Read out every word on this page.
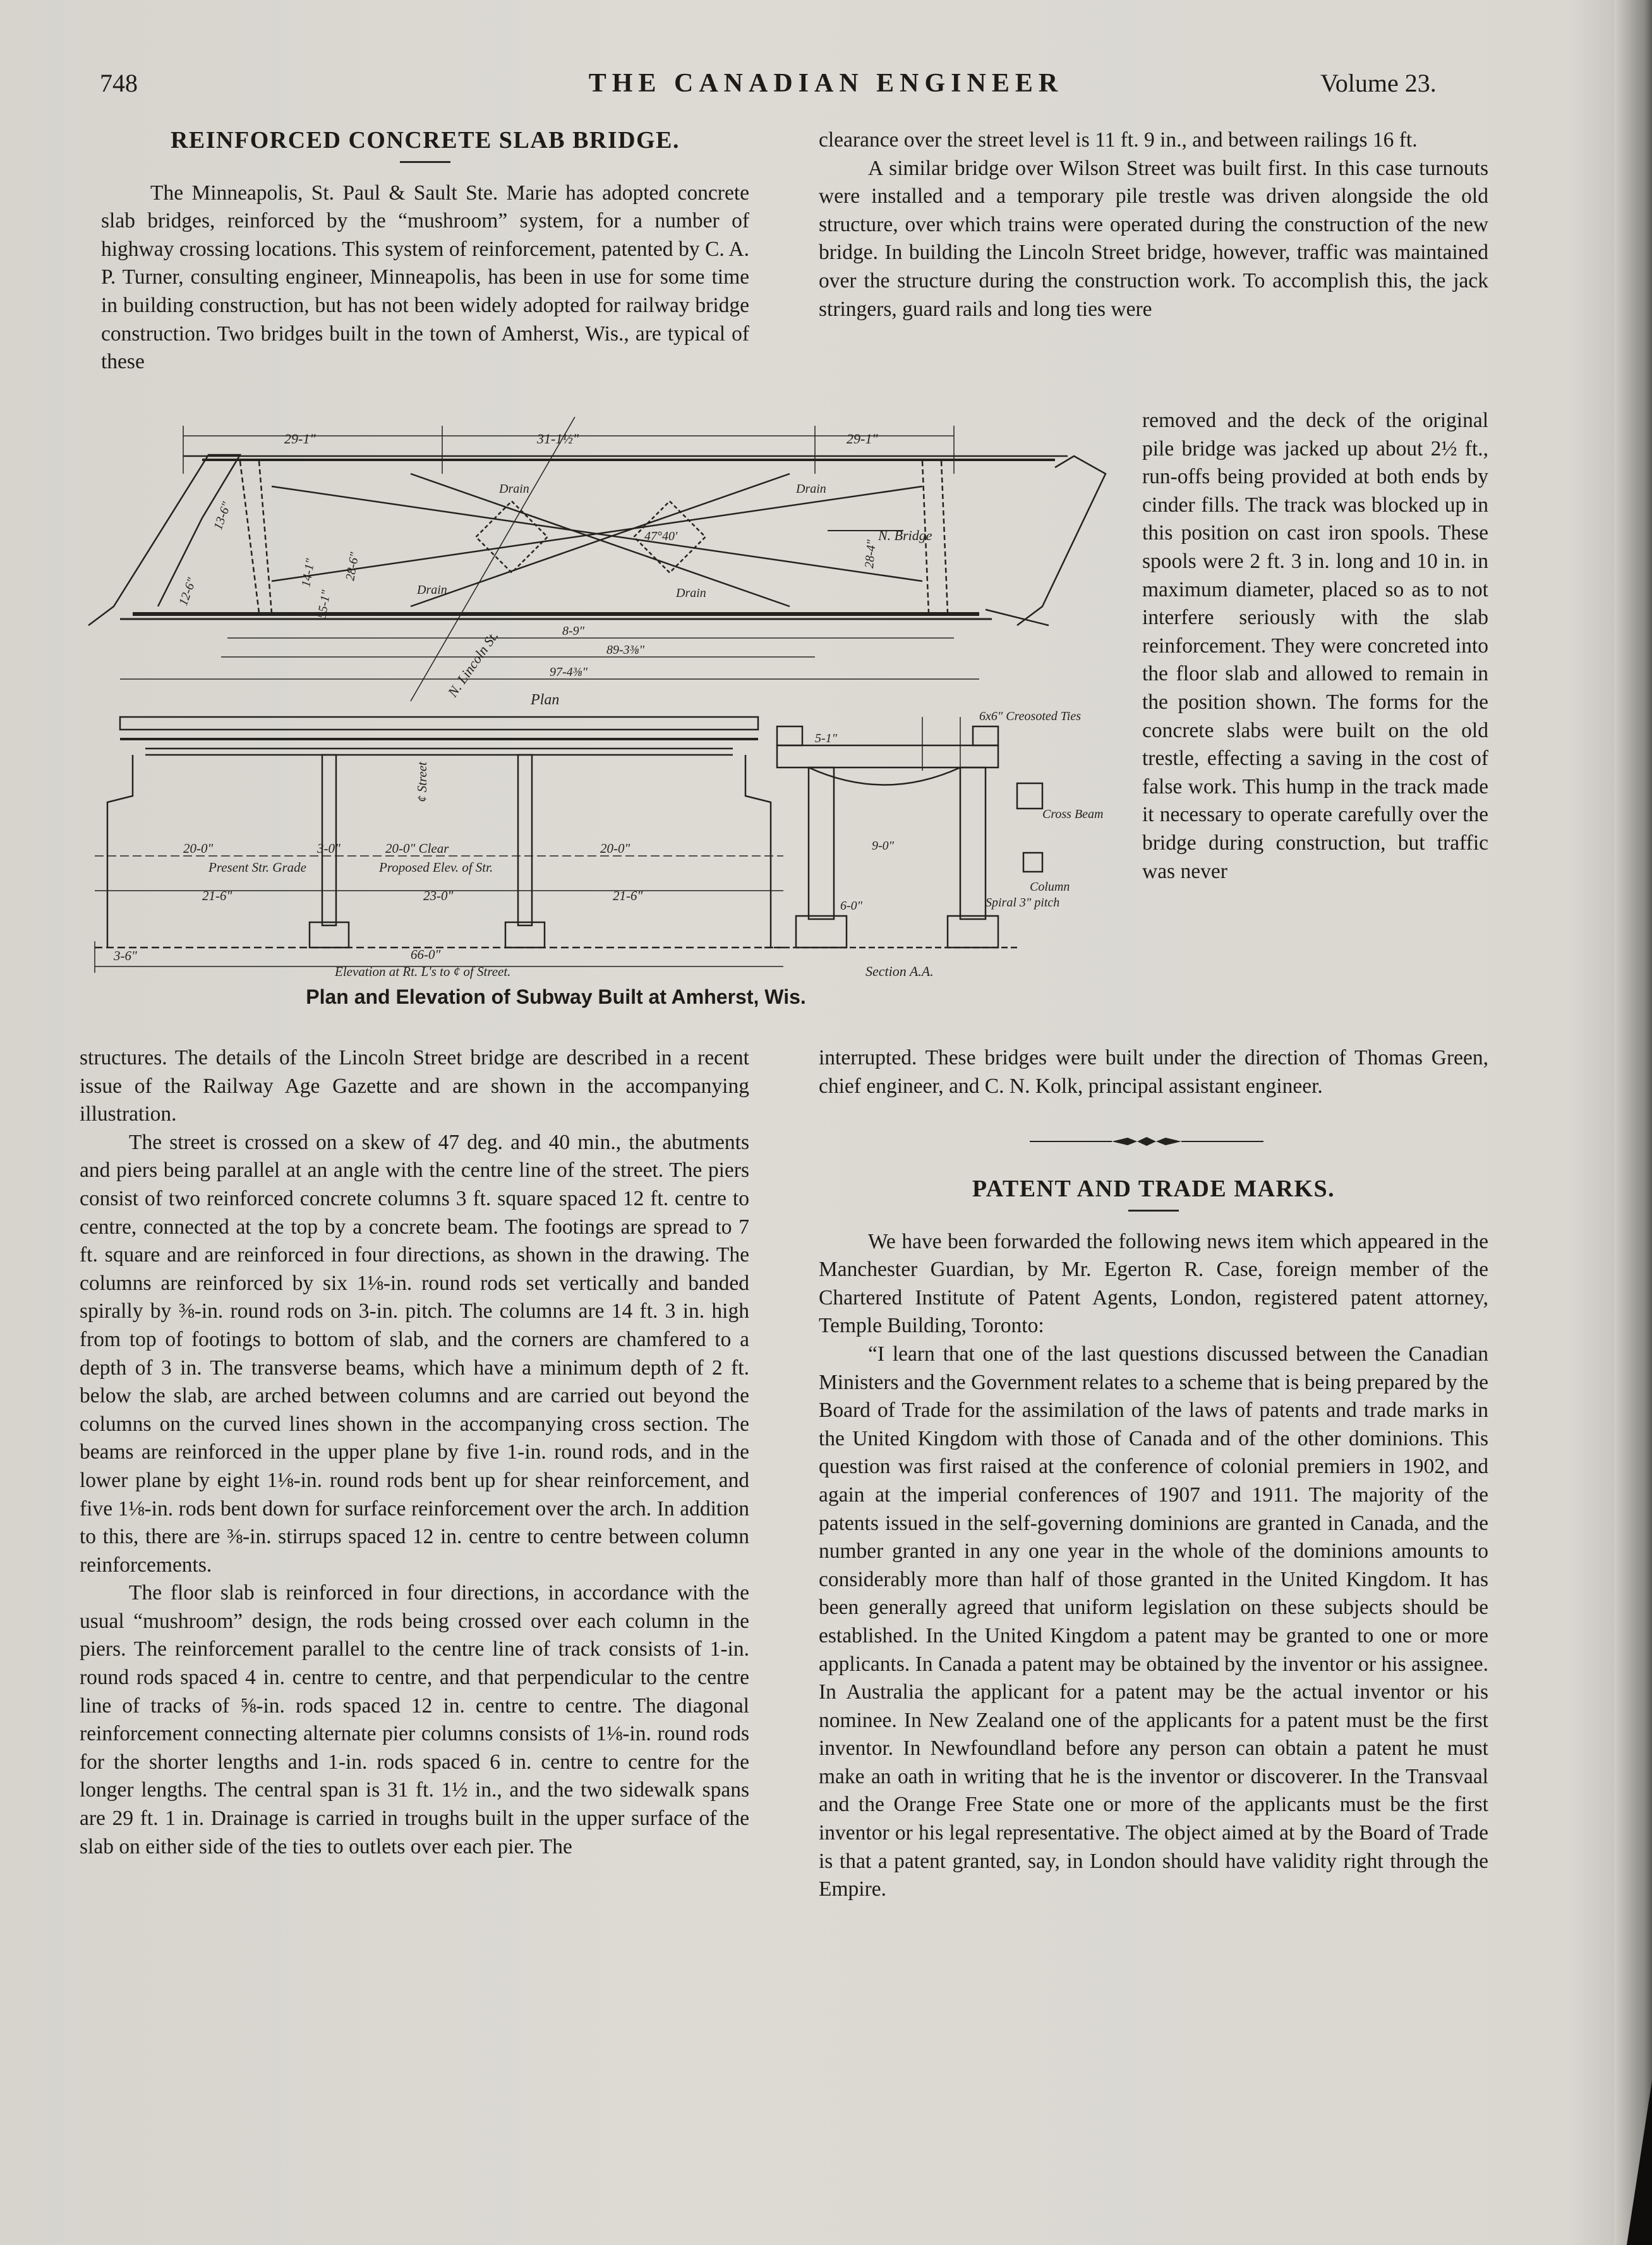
748	THE CANADIAN ENGINEER	Volume 23.
REINFORCED CONCRETE SLAB BRIDGE.

The Minneapolis, St. Paul & Sault Ste. Marie has adopted concrete slab bridges, reinforced by the “mushroom” system, for a number of highway crossing locations. This system of reinforcement, patented by C. A. P. Turner, consulting engineer, Minneapolis, has been in use for some time in building construction, but has not been widely adopted for railway bridge construction. Two bridges built in the town of Amherst, Wis., are typical of these

clearance over the street level is 11 ft. 9 in., and between railings 16 ft.

A similar bridge over Wilson Street was built first. In this case turnouts were installed and a temporary pile trestle was driven alongside the old structure, over which trains were operated during the construction of the new bridge. In building the Lincoln Street bridge, however, traffic was maintained over the structure during the construction work. To accomplish this, the jack stringers, guard rails and long ties were

removed and the deck of the original pile bridge was jacked up about 2½ ft., run-offs being provided at both ends by cinder fills. The track was blocked up in this position on cast iron spools. These spools were 2 ft. 3 in. long and 10 in. in maximum diameter, placed so as to not interfere seriously with the slab reinforcement. They were concreted into the floor slab and allowed to remain in the position shown. The forms for the concrete slabs were built on the old trestle, effecting a saving in the cost of false work. This hump in the track made it necessary to operate carefully over the bridge during construction, but traffic was never

29-1"	31-1½"	29-1"
Drain	Drain
Drain	Drain
N. Bridge
47°40'
12-6"
13-6"
14-1" 28-6"
55-1"
28-4"
8-9"
89-3⅜"
97-4⅜"
N. Lincoln St.
Plan
20-0"
Present Str. Grade
3-0"	20-0" Clear
Proposed Elev. of Str.
20-0"
21-6"	23-0"	21-6"
66-0"
3-6"
Elevation at Rt. L's to ¢ of Street.
¢ Street
6x6" Creosoted Ties
5-1"
9-0"
Cross Beam
Column
Spiral 3" pitch
6-0"
Section A.A.
Plan and Elevation of Subway Built at Amherst, Wis.

structures. The details of the Lincoln Street bridge are described in a recent issue of the Railway Age Gazette and are shown in the accompanying illustration.

The street is crossed on a skew of 47 deg. and 40 min., the abutments and piers being parallel at an angle with the centre line of the street. The piers consist of two reinforced concrete columns 3 ft. square spaced 12 ft. centre to centre, connected at the top by a concrete beam. The footings are spread to 7 ft. square and are reinforced in four directions, as shown in the drawing. The columns are reinforced by six 1⅛-in. round rods set vertically and banded spirally by ⅜-in. round rods on 3-in. pitch. The columns are 14 ft. 3 in. high from top of footings to bottom of slab, and the corners are chamfered to a depth of 3 in. The transverse beams, which have a minimum depth of 2 ft. below the slab, are arched between columns and are carried out beyond the columns on the curved lines shown in the accompanying cross section. The beams are reinforced in the upper plane by five 1-in. round rods, and in the lower plane by eight 1⅛-in. round rods bent up for shear reinforcement, and five 1⅛-in. rods bent down for surface reinforcement over the arch. In addition to this, there are ⅜-in. stirrups spaced 12 in. centre to centre between column reinforcements.

The floor slab is reinforced in four directions, in accordance with the usual “mushroom” design, the rods being crossed over each column in the piers. The reinforcement parallel to the centre line of track consists of 1-in. round rods spaced 4 in. centre to centre, and that perpendicular to the centre line of tracks of ⅝-in. rods spaced 12 in. centre to centre. The diagonal reinforcement connecting alternate pier columns consists of 1⅛-in. round rods for the shorter lengths and 1-in. rods spaced 6 in. centre to centre for the longer lengths. The central span is 31 ft. 1½ in., and the two sidewalk spans are 29 ft. 1 in. Drainage is carried in troughs built in the upper surface of the slab on either side of the ties to outlets over each pier. The

interrupted. These bridges were built under the direction of Thomas Green, chief engineer, and C. N. Kolk, principal assistant engineer.

PATENT AND TRADE MARKS.

We have been forwarded the following news item which appeared in the Manchester Guardian, by Mr. Egerton R. Case, foreign member of the Chartered Institute of Patent Agents, London, registered patent attorney, Temple Building, Toronto:

“I learn that one of the last questions discussed between the Canadian Ministers and the Government relates to a scheme that is being prepared by the Board of Trade for the assimilation of the laws of patents and trade marks in the United Kingdom with those of Canada and of the other dominions. This question was first raised at the conference of colonial premiers in 1902, and again at the imperial conferences of 1907 and 1911. The majority of the patents issued in the self-governing dominions are granted in Canada, and the number granted in any one year in the whole of the dominions amounts to considerably more than half of those granted in the United Kingdom. It has been generally agreed that uniform legislation on these subjects should be established. In the United Kingdom a patent may be granted to one or more applicants. In Canada a patent may be obtained by the inventor or his assignee. In Australia the applicant for a patent may be the actual inventor or his nominee. In New Zealand one of the applicants for a patent must be the first inventor. In Newfoundland before any person can obtain a patent he must make an oath in writing that he is the inventor or discoverer. In the Transvaal and the Orange Free State one or more of the applicants must be the first inventor or his legal representative. The object aimed at by the Board of Trade is that a patent granted, say, in London should have validity right through the Empire.
